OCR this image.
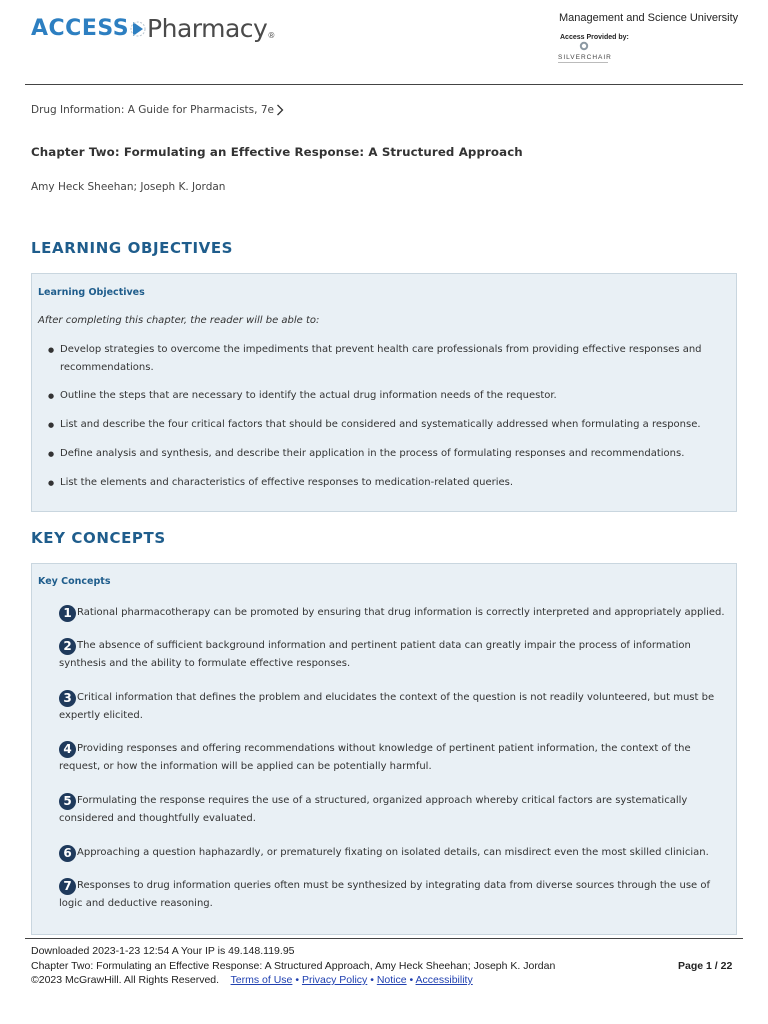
ACCESS Pharmacy ®
Management and Science University
Access Provided by:
SILVERCHAIR
Drug Information: A Guide for Pharmacists, 7e
Chapter Two: Formulating an Effective Response: A Structured Approach
Amy Heck Sheehan; Joseph K. Jordan
LEARNING OBJECTIVES
Learning Objectives
After completing this chapter, the reader will be able to:
● Develop strategies to overcome the impediments that prevent health care professionals from providing effective responses and recommendations.
● Outline the steps that are necessary to identify the actual drug information needs of the requestor.
● List and describe the four critical factors that should be considered and systematically addressed when formulating a response.
● Define analysis and synthesis, and describe their application in the process of formulating responses and recommendations.
● List the elements and characteristics of effective responses to medication-related queries.
KEY CONCEPTS
Key Concepts
1 Rational pharmacotherapy can be promoted by ensuring that drug information is correctly interpreted and appropriately applied.
2 The absence of sufficient background information and pertinent patient data can greatly impair the process of information synthesis and the ability to formulate effective responses.
3 Critical information that defines the problem and elucidates the context of the question is not readily volunteered, but must be expertly elicited.
4 Providing responses and offering recommendations without knowledge of pertinent patient information, the context of the request, or how the information will be applied can be potentially harmful.
5 Formulating the response requires the use of a structured, organized approach whereby critical factors are systematically considered and thoughtfully evaluated.
6 Approaching a question haphazardly, or prematurely fixating on isolated details, can misdirect even the most skilled clinician.
7 Responses to drug information queries often must be synthesized by integrating data from diverse sources through the use of logic and deductive reasoning.
Downloaded 2023-1-23 12:54 A Your IP is 49.148.119.95
Chapter Two: Formulating an Effective Response: A Structured Approach, Amy Heck Sheehan; Joseph K. Jordan
©2023 McGrawHill. All Rights Reserved. Terms of Use • Privacy Policy • Notice • Accessibility
Page 1 / 22
